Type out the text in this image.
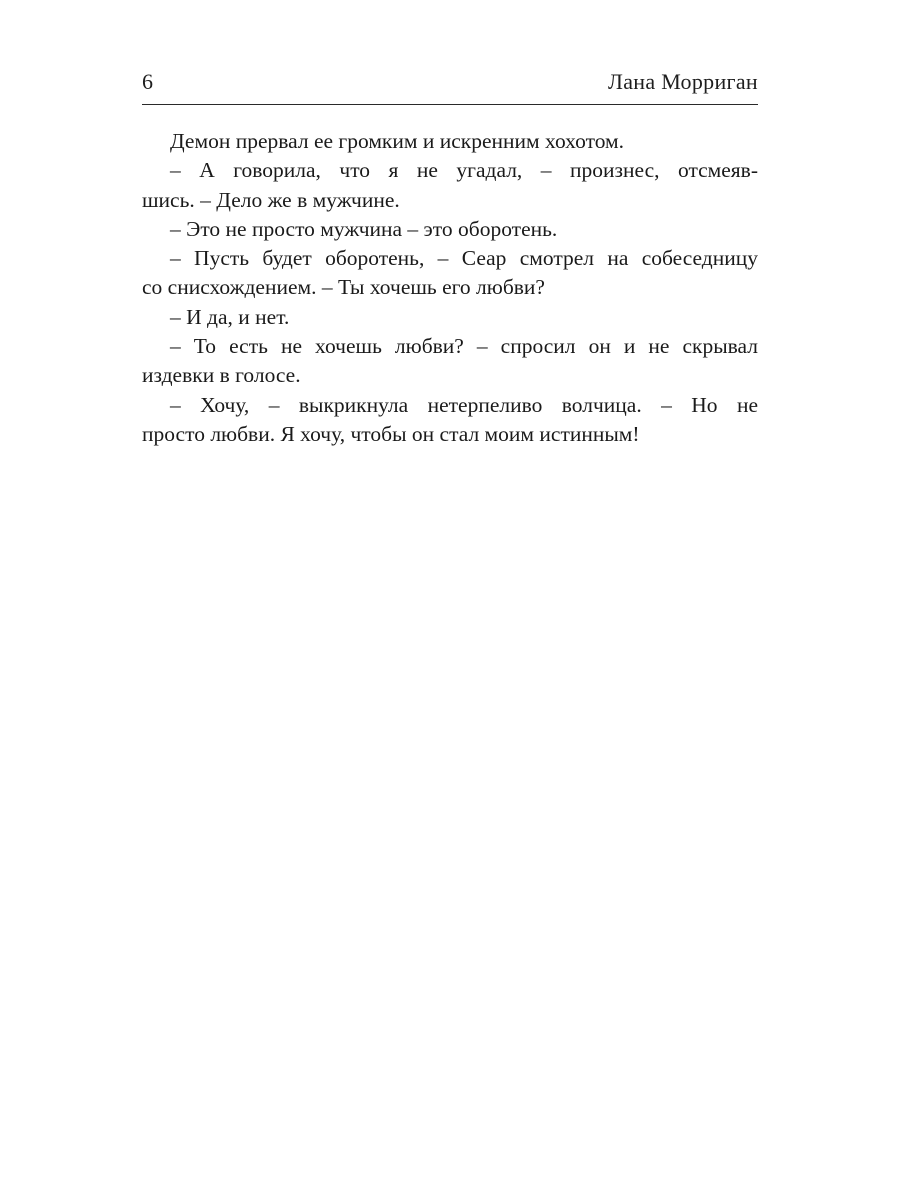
6	Лана Морриган

Демон прервал ее громким и искренним хохотом.

– А говорила, что я не угадал, – произнес, отсмеяв-
шись. – Дело же в мужчине.

– Это не просто мужчина – это оборотень.

– Пусть будет оборотень, – Сеар смотрел на собеседницу
со снисхождением. – Ты хочешь его любви?

– И да, и нет.

– То есть не хочешь любви? – спросил он и не скрывал
издевки в голосе.

– Хочу, – выкрикнула нетерпеливо волчица. – Но не
просто любви. Я хочу, чтобы он стал моим истинным!
